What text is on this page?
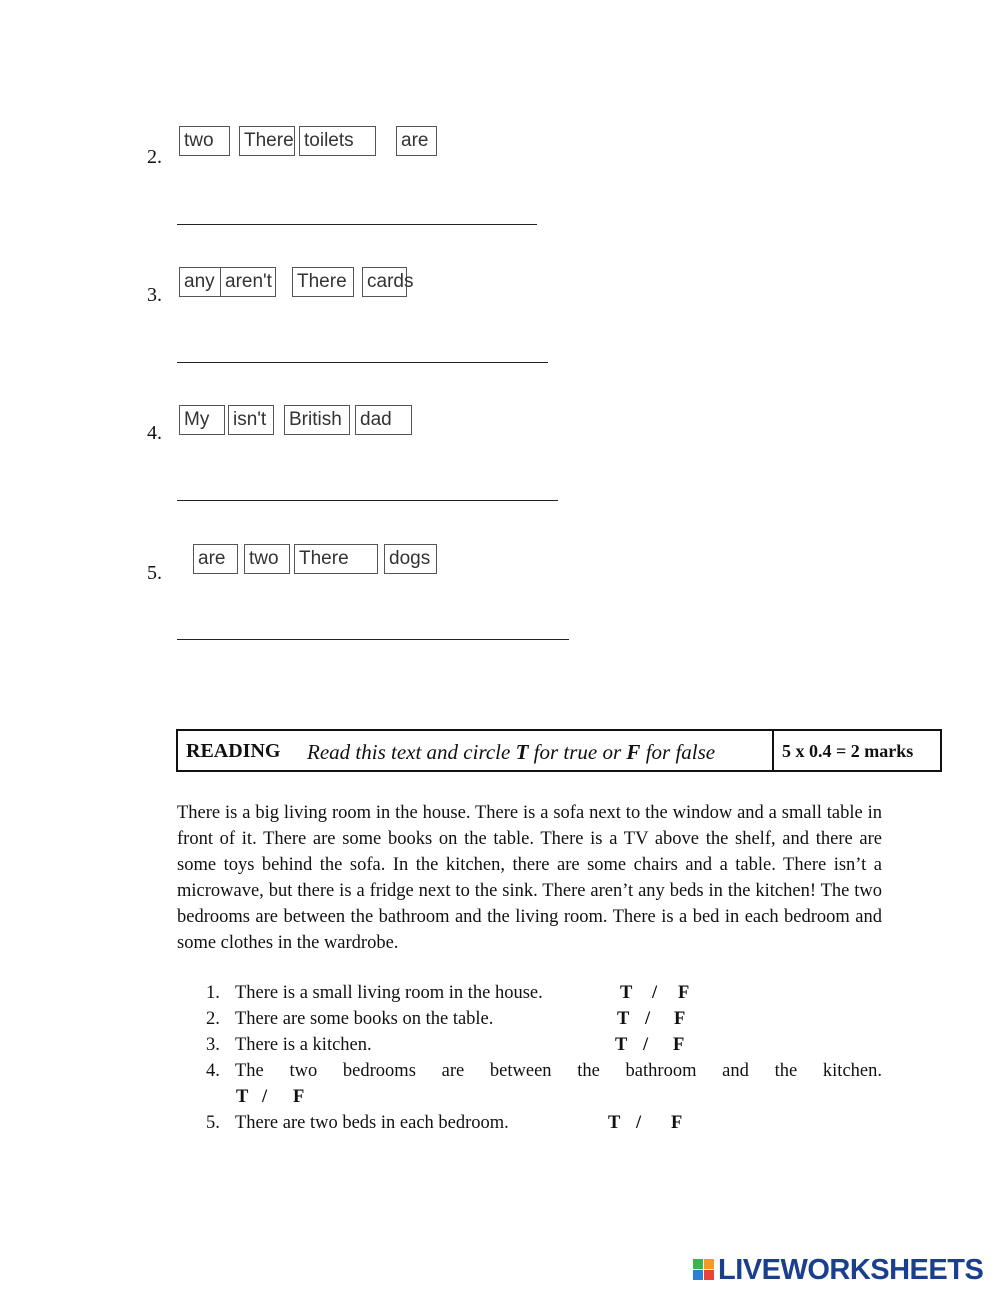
2.
two	There toilets	are
3.
any aren't There	cards
4.
My	isn't	British dad
5.
are	two	There	dogs
READING Read this text and circle T for true or F for false	5 x 0.4 = 2 marks

There is a big living room in the house. There is a sofa next to the window and a small table in front of it. There are some books on the table. There is a TV above the shelf, and there are some toys behind the sofa. In the kitchen, there are some chairs and a table. There isn’t a microwave, but there is a fridge next to the sink. There aren’t any beds in the kitchen! The two bedrooms are between the bathroom and the living room. There is a bed in each bedroom and some clothes in the wardrobe.

1. There is a small living room in the house.	T / F
2. There are some books on the table.	T / F
3. There is a kitchen.	T / F
4. The two bedrooms are between the bathroom and the kitchen.
T / F
5. There are two beds in each bedroom.	T / F
LIVEWORKSHEETS
